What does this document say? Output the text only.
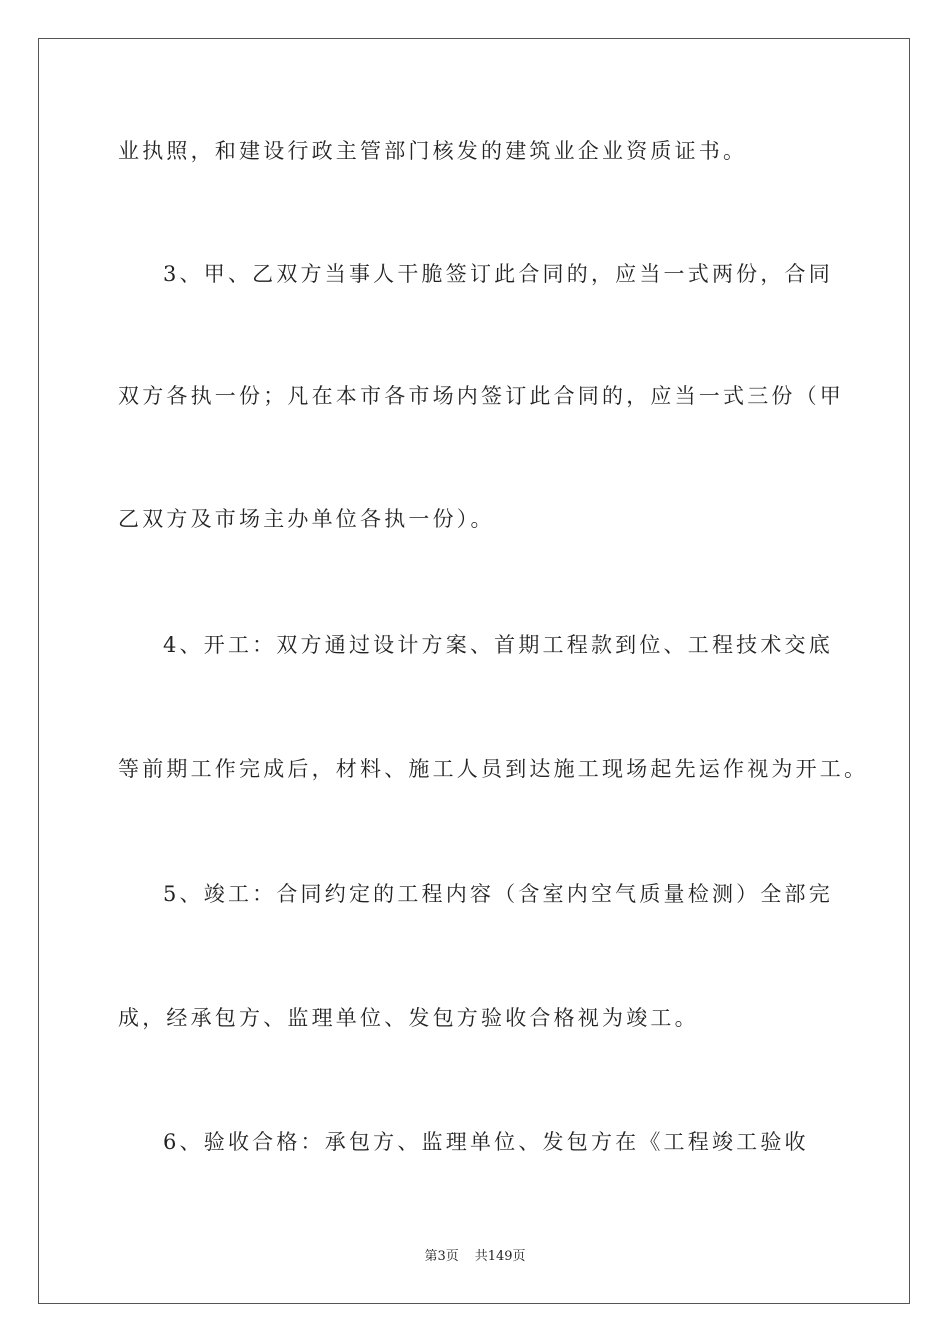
业执照，和建设行政主管部门核发的建筑业企业资质证书。
3、甲、乙双方当事人干脆签订此合同的，应当一式两份，合同
双方各执一份；凡在本市各市场内签订此合同的，应当一式三份（甲
乙双方及市场主办单位各执一份）。
4、开工：双方通过设计方案、首期工程款到位、工程技术交底
等前期工作完成后，材料、施工人员到达施工现场起先运作视为开工。
5、竣工：合同约定的工程内容（含室内空气质量检测）全部完
成，经承包方、监理单位、发包方验收合格视为竣工。
6、验收合格：承包方、监理单位、发包方在《工程竣工验收
第3页 共149页
